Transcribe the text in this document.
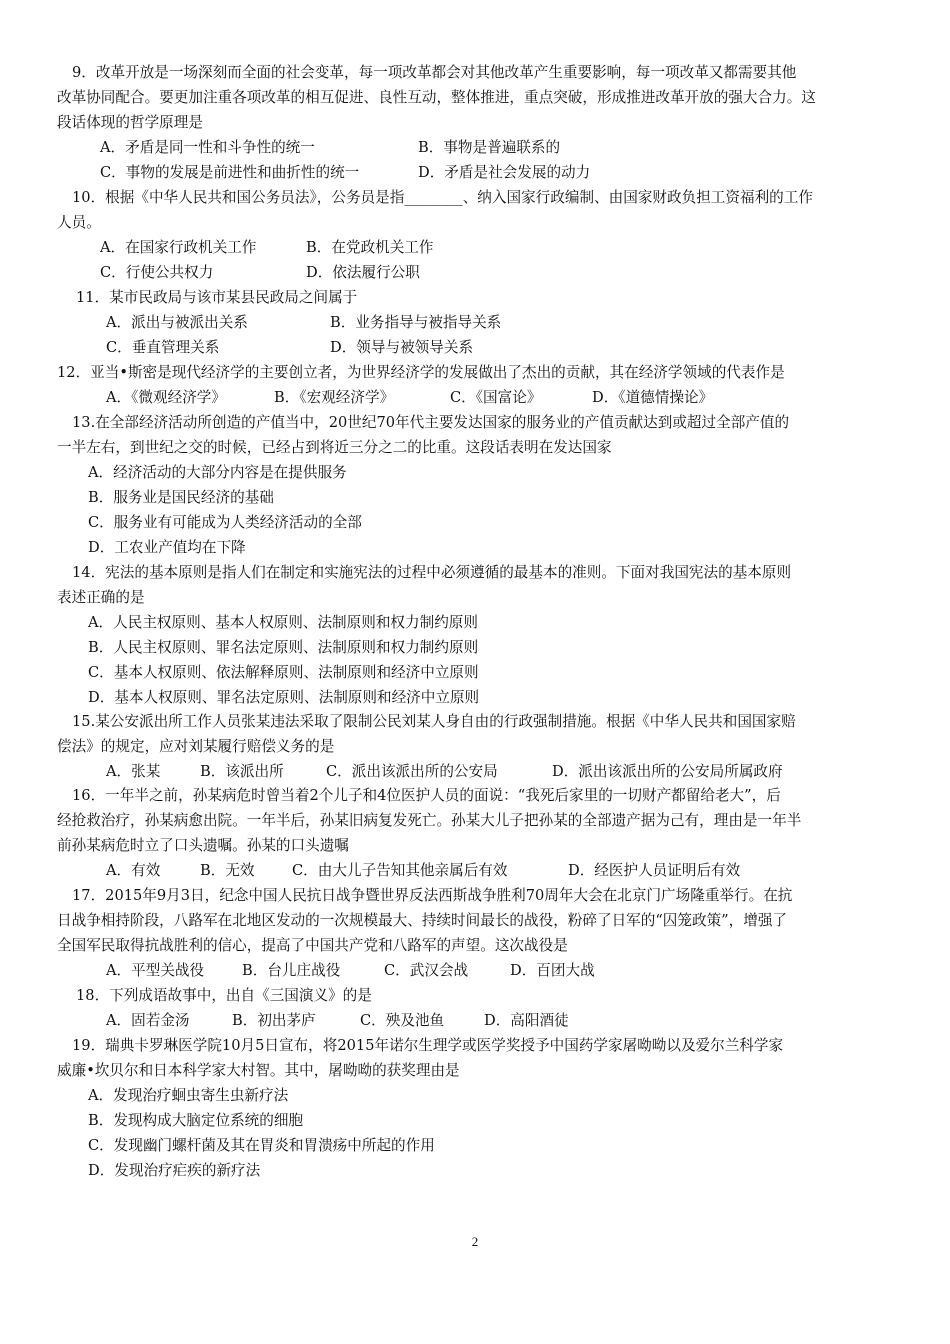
9．改革开放是一场深刻而全面的社会变革，每一项改革都会对其他改革产生重要影响，每一项改革又都需要其他
改革协同配合。要更加注重各项改革的相互促进、良性互动，整体推进，重点突破，形成推进改革开放的强大合力。这
段话体现的哲学原理是
A．矛盾是同一性和斗争性的统一	B．事物是普遍联系的
C．事物的发展是前进性和曲折性的统一	D．矛盾是社会发展的动力
10．根据《中华人民共和国公务员法》，公务员是指________、纳入国家行政编制、由国家财政负担工资福利的工作
人员。
A．在国家行政机关工作	B．在党政机关工作
C．行使公共权力	D．依法履行公职
11．某市民政局与该市某县民政局之间属于
A．派出与被派出关系	B．业务指导与被指导关系
C．垂直管理关系	D．领导与被领导关系
12．亚当•斯密是现代经济学的主要创立者，为世界经济学的发展做出了杰出的贡献，其在经济学领域的代表作是
A．《微观经济学》	B．《宏观经济学》	C．《国富论》	D．《道德情操论》
13.在全部经济活动所创造的产值当中，20世纪70年代主要发达国家的服务业的产值贡献达到或超过全部产值的
一半左右，到世纪之交的时候，已经占到将近三分之二的比重。这段话表明在发达国家
A．经济活动的大部分内容是在提供服务
B．服务业是国民经济的基础
C．服务业有可能成为人类经济活动的全部
D．工农业产值均在下降
14．宪法的基本原则是指人们在制定和实施宪法的过程中必须遵循的最基本的准则。下面对我国宪法的基本原则
表述正确的是
A．人民主权原则、基本人权原则、法制原则和权力制约原则
B．人民主权原则、罪名法定原则、法制原则和权力制约原则
C．基本人权原则、依法解释原则、法制原则和经济中立原则
D．基本人权原则、罪名法定原则、法制原则和经济中立原则
15.某公安派出所工作人员张某违法采取了限制公民刘某人身自由的行政强制措施。根据《中华人民共和国国家赔
偿法》的规定，应对刘某履行赔偿义务的是
A．张某	B．该派出所	C．派出该派出所的公安局	D．派出该派出所的公安局所属政府
16．一年半之前，孙某病危时曾当着2个儿子和4位医护人员的面说：“我死后家里的一切财产都留给老大”，后
经抢救治疗，孙某病愈出院。一年半后，孙某旧病复发死亡。孙某大儿子把孙某的全部遗产据为己有，理由是一年半
前孙某病危时立了口头遗嘱。孙某的口头遗嘱
A．有效	B．无效	C．由大儿子告知其他亲属后有效	D．经医护人员证明后有效
17．2015年9月3日，纪念中国人民抗日战争暨世界反法西斯战争胜利70周年大会在北京门广场隆重举行。在抗
日战争相持阶段，八路军在北地区发动的一次规模最大、持续时间最长的战役，粉碎了日军的“囚笼政策”，增强了
全国军民取得抗战胜利的信心，提高了中国共产党和八路军的声望。这次战役是
A．平型关战役	B．台儿庄战役	C．武汉会战	D．百团大战
18．下列成语故事中，出自《三国演义》的是
A．固若金汤	B．初出茅庐	C．殃及池鱼	D．高阳酒徒
19．瑞典卡罗琳医学院10月5日宣布，将2015年诺尔生理学或医学奖授予中国药学家屠呦呦以及爱尔兰科学家
威廉•坎贝尔和日本科学家大村智。其中，屠呦呦的获奖理由是
A．发现治疗蛔虫寄生虫新疗法
B．发现构成大脑定位系统的细胞
C．发现幽门螺杆菌及其在胃炎和胃溃疡中所起的作用
D．发现治疗疟疾的新疗法
2
